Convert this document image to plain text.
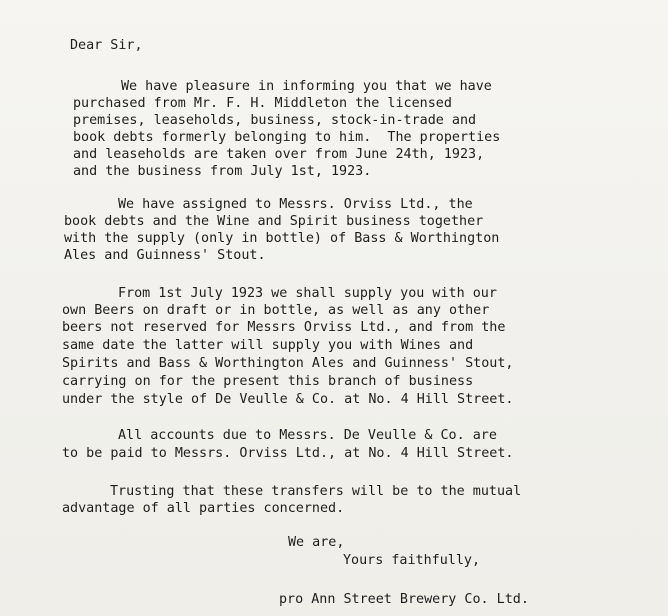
Dear Sir,
We have pleasure in informing you that we have
purchased from Mr. F. H. Middleton the licensed
premises, leaseholds, business, stock-in-trade and
book debts formerly belonging to him.  The properties
and leaseholds are taken over from June 24th, 1923,
and the business from July 1st, 1923.
We have assigned to Messrs. Orviss Ltd., the
book debts and the Wine and Spirit business together
with the supply (only in bottle) of Bass & Worthington
Ales and Guinness' Stout.
From 1st July 1923 we shall supply you with our
own Beers on draft or in bottle, as well as any other
beers not reserved for Messrs Orviss Ltd., and from the
same date the latter will supply you with Wines and
Spirits and Bass & Worthington Ales and Guinness' Stout,
carrying on for the present this branch of business
under the style of De Veulle & Co. at No. 4 Hill Street.
All accounts due to Messrs. De Veulle & Co. are
to be paid to Messrs. Orviss Ltd., at No. 4 Hill Street.
Trusting that these transfers will be to the mutual
advantage of all parties concerned.
We are,
Yours faithfully,
pro Ann Street Brewery Co. Ltd.
